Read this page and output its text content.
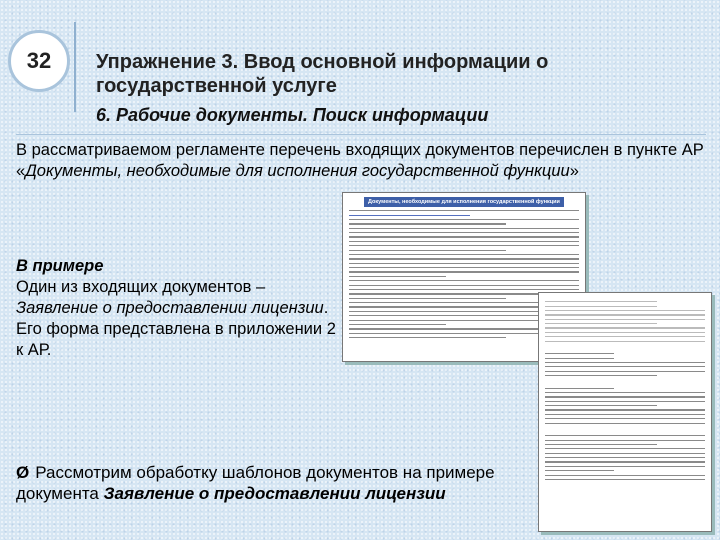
32 Упражнение 3. Ввод основной информации о государственной услуге
6. Рабочие документы. Поиск информации
В рассматриваемом регламенте перечень входящих документов перечислен в пункте АР «Документы, необходимые для исполнения государственной функции»
В примере
Один из входящих документов –
Заявление о предоставлении лицензии. Его форма представлена в приложении 2 к АР.
Документы, необходимые для исполнения государственной функции
Ø Рассмотрим обработку шаблонов документов на примере документа Заявление о предоставлении лицензии
